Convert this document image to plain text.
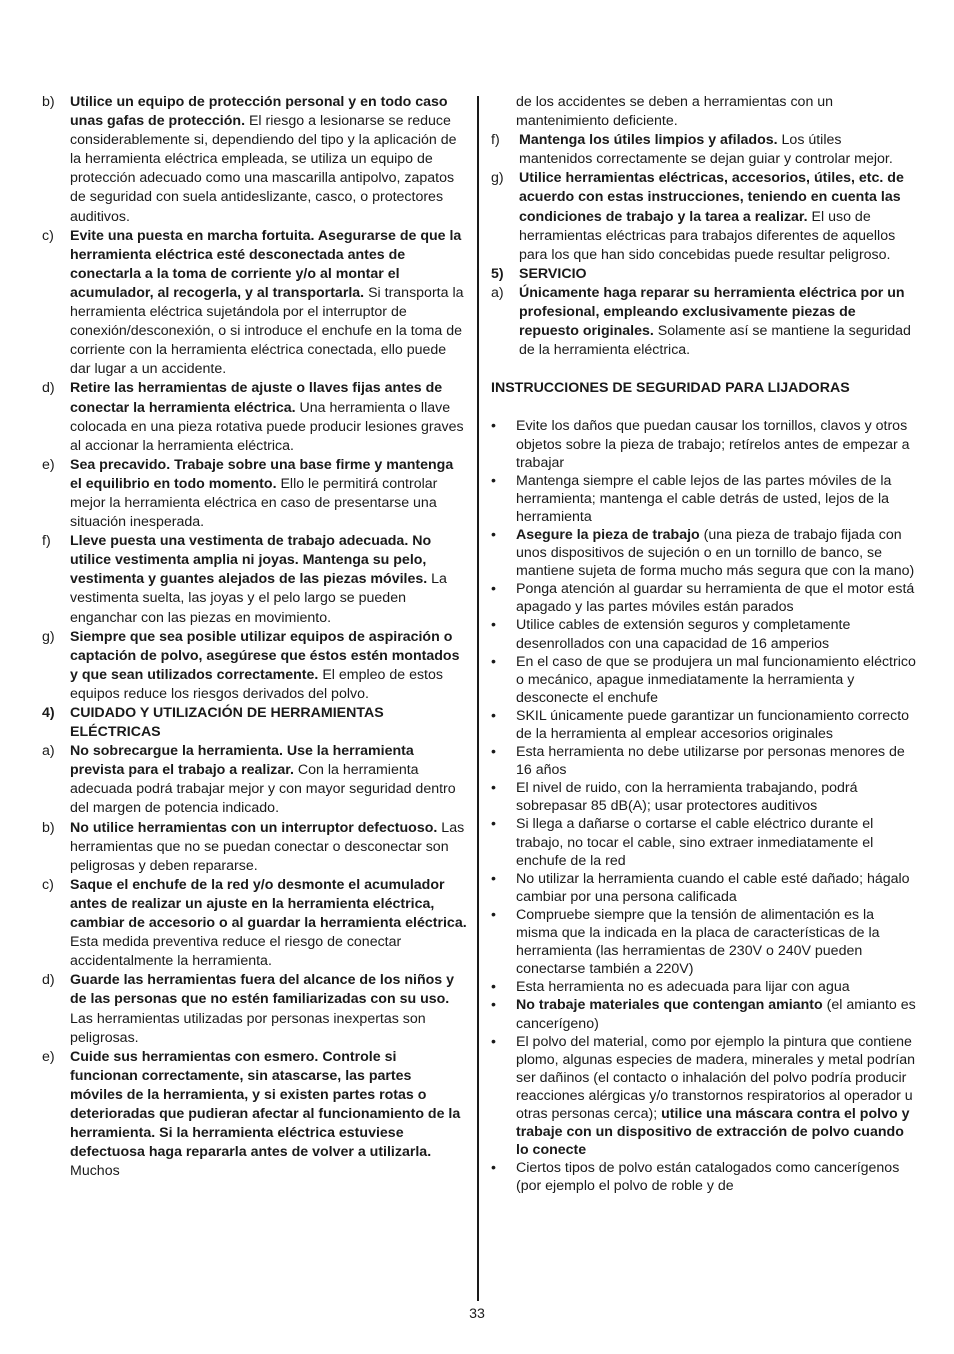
b)	Utilice un equipo de protección personal y en todo caso unas gafas de protección. El riesgo a lesionarse se reduce considerablemente si, dependiendo del tipo y la aplicación de la herramienta eléctrica empleada, se utiliza un equipo de protección adecuado como una mascarilla antipolvo, zapatos de seguridad con suela antideslizante, casco, o protectores auditivos.
c)	Evite una puesta en marcha fortuita. Asegurarse de que la herramienta eléctrica esté desconectada antes de conectarla a la toma de corriente y/o al montar el acumulador, al recogerla, y al transportarla. Si transporta la herramienta eléctrica sujetándola por el interruptor de conexión/desconexión, o si introduce el enchufe en la toma de corriente con la herramienta eléctrica conectada, ello puede dar lugar a un accidente.
d)	Retire las herramientas de ajuste o llaves fijas antes de conectar la herramienta eléctrica. Una herramienta o llave colocada en una pieza rotativa puede producir lesiones graves al accionar la herramienta eléctrica.
e)	Sea precavido. Trabaje sobre una base firme y mantenga el equilibrio en todo momento. Ello le permitirá controlar mejor la herramienta eléctrica en caso de presentarse una situación inesperada.
f)	Lleve puesta una vestimenta de trabajo adecuada. No utilice vestimenta amplia ni joyas. Mantenga su pelo, vestimenta y guantes alejados de las piezas móviles. La vestimenta suelta, las joyas y el pelo largo se pueden enganchar con las piezas en movimiento.
g)	Siempre que sea posible utilizar equipos de aspiración o captación de polvo, asegúrese que éstos estén montados y que sean utilizados correctamente. El empleo de estos equipos reduce los riesgos derivados del polvo.
4)	CUIDADO Y UTILIZACIÓN DE HERRAMIENTAS ELÉCTRICAS
a)	No sobrecargue la herramienta. Use la herramienta prevista para el trabajo a realizar. Con la herramienta adecuada podrá trabajar mejor y con mayor seguridad dentro del margen de potencia indicado.
b)	No utilice herramientas con un interruptor defectuoso. Las herramientas que no se puedan conectar o desconectar son peligrosas y deben repararse.
c)	Saque el enchufe de la red y/o desmonte el acumulador antes de realizar un ajuste en la herramienta eléctrica, cambiar de accesorio o al guardar la herramienta eléctrica. Esta medida preventiva reduce el riesgo de conectar accidentalmente la herramienta.
d)	Guarde las herramientas fuera del alcance de los niños y de las personas que no estén familiarizadas con su uso. Las herramientas utilizadas por personas inexpertas son peligrosas.
e)	Cuide sus herramientas con esmero. Controle si funcionan correctamente, sin atascarse, las partes móviles de la herramienta, y si existen partes rotas o deterioradas que pudieran afectar al funcionamiento de la herramienta. Si la herramienta eléctrica estuviese defectuosa haga repararla antes de volver a utilizarla. Muchos
de los accidentes se deben a herramientas con un mantenimiento deficiente.
f)	Mantenga los útiles limpios y afilados. Los útiles mantenidos correctamente se dejan guiar y controlar mejor.
g)	Utilice herramientas eléctricas, accesorios, útiles, etc. de acuerdo con estas instrucciones, teniendo en cuenta las condiciones de trabajo y la tarea a realizar. El uso de herramientas eléctricas para trabajos diferentes de aquellos para los que han sido concebidas puede resultar peligroso.
5)	SERVICIO
a)	Únicamente haga reparar su herramienta eléctrica por un profesional, empleando exclusivamente piezas de repuesto originales. Solamente así se mantiene la seguridad de la herramienta eléctrica.
INSTRUCCIONES DE SEGURIDAD PARA LIJADORAS
•	Evite los daños que puedan causar los tornillos, clavos y otros objetos sobre la pieza de trabajo; retírelos antes de empezar a trabajar
•	Mantenga siempre el cable lejos de las partes móviles de la herramienta; mantenga el cable detrás de usted, lejos de la herramienta
•	Asegure la pieza de trabajo (una pieza de trabajo fijada con unos dispositivos de sujeción o en un tornillo de banco, se mantiene sujeta de forma mucho más segura que con la mano)
•	Ponga atención al guardar su herramienta de que el motor está apagado y las partes móviles están parados
•	Utilice cables de extensión seguros y completamente desenrollados con una capacidad de 16 amperios
•	En el caso de que se produjera un mal funcionamiento eléctrico o mecánico, apague inmediatamente la herramienta y desconecte el enchufe
•	SKIL únicamente puede garantizar un funcionamiento correcto de la herramienta al emplear accesorios originales
•	Esta herramienta no debe utilizarse por personas menores de 16 años
•	El nivel de ruido, con la herramienta trabajando, podrá sobrepasar 85 dB(A); usar protectores auditivos
•	Si llega a dañarse o cortarse el cable eléctrico durante el trabajo, no tocar el cable, sino extraer inmediatamente el enchufe de la red
•	No utilizar la herramienta cuando el cable esté dañado; hágalo cambiar por una persona calificada
•	Compruebe siempre que la tensión de alimentación es la misma que la indicada en la placa de características de la herramienta (las herramientas de 230V o 240V pueden conectarse también a 220V)
•	Esta herramienta no es adecuada para lijar con agua
•	No trabaje materiales que contengan amianto (el amianto es cancerígeno)
•	El polvo del material, como por ejemplo la pintura que contiene plomo, algunas especies de madera, minerales y metal podrían ser dañinos (el contacto o inhalación del polvo podría producir reacciones alérgicas y/o transtornos respiratorios al operador u otras personas cerca); utilice una máscara contra el polvo y trabaje con un dispositivo de extracción de polvo cuando lo conecte
•	Ciertos tipos de polvo están catalogados como cancerígenos (por ejemplo el polvo de roble y de
33
